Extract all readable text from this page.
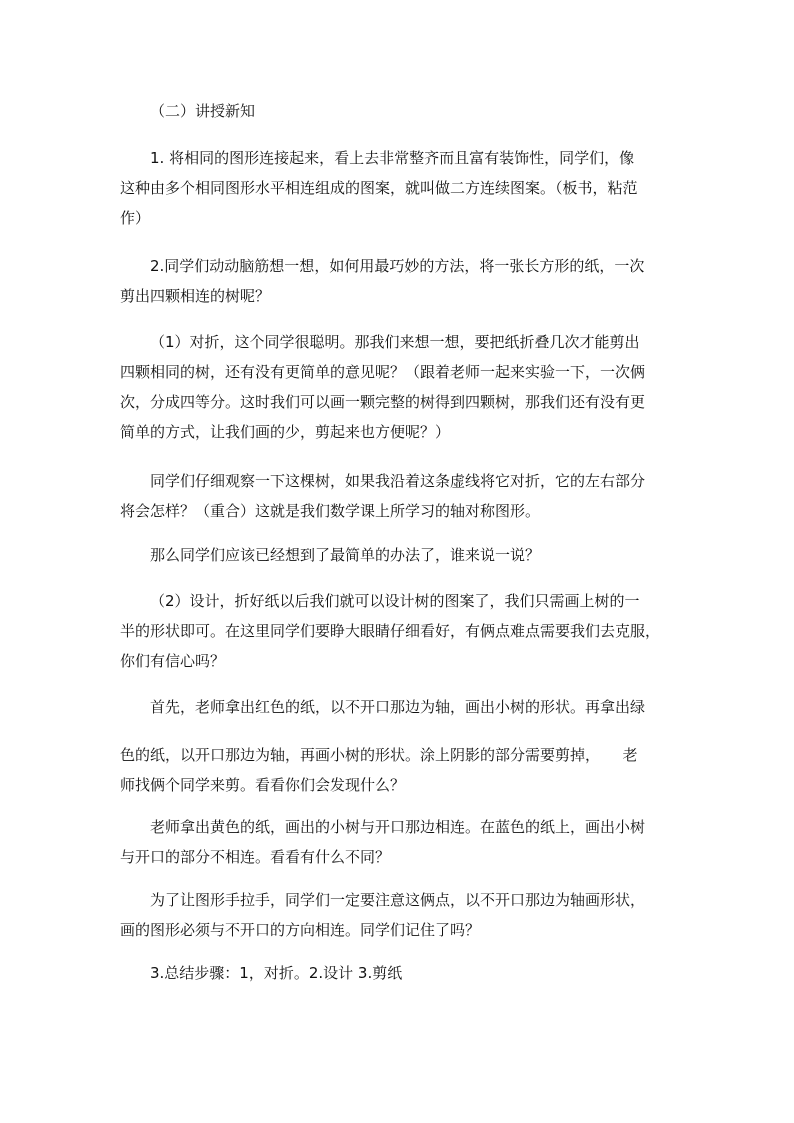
（二）讲授新知

1. 将相同的图形连接起来，看上去非常整齐而且富有装饰性，同学们，像
这种由多个相同图形水平相连组成的图案，就叫做二方连续图案。（板书，粘范
作）

2.同学们动动脑筋想一想，如何用最巧妙的方法，将一张长方形的纸，一次
剪出四颗相连的树呢？

（1）对折，这个同学很聪明。那我们来想一想，要把纸折叠几次才能剪出
四颗相同的树，还有没有更简单的意见呢？（跟着老师一起来实验一下，一次俩
次，分成四等分。这时我们可以画一颗完整的树得到四颗树，那我们还有没有更
简单的方式，让我们画的少，剪起来也方便呢？）

同学们仔细观察一下这棵树，如果我沿着这条虚线将它对折，它的左右部分
将会怎样？（重合）这就是我们数学课上所学习的轴对称图形。

那么同学们应该已经想到了最简单的办法了，谁来说一说？

（2）设计，折好纸以后我们就可以设计树的图案了，我们只需画上树的一
半的形状即可。在这里同学们要睁大眼睛仔细看好，有俩点难点需要我们去克服，
你们有信心吗？

首先，老师拿出红色的纸，以不开口那边为轴，画出小树的形状。再拿出绿

色的纸，以开口那边为轴，再画小树的形状。涂上阴影的部分需要剪掉，　　老
师找俩个同学来剪。看看你们会发现什么？

老师拿出黄色的纸，画出的小树与开口那边相连。在蓝色的纸上，画出小树
与开口的部分不相连。看看有什么不同？

为了让图形手拉手，同学们一定要注意这俩点，以不开口那边为轴画形状，
画的图形必须与不开口的方向相连。同学们记住了吗？

3.总结步骤：1，对折。2.设计 3.剪纸
